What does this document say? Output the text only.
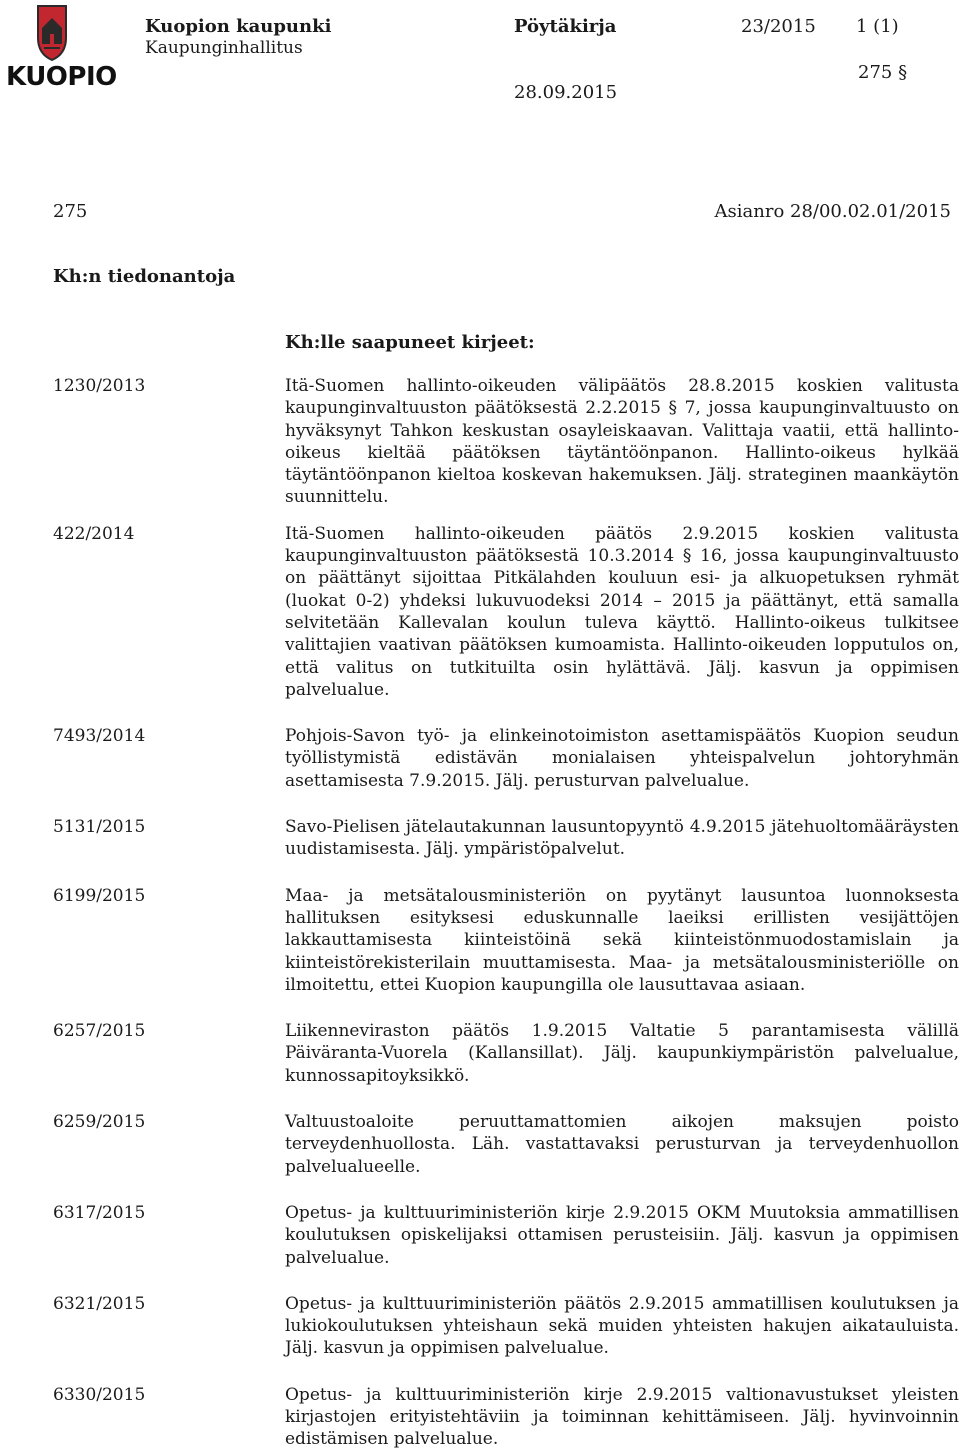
KUOPIO
Kuopion kaupunki
Kaupunginhallitus
Pöytäkirja	23/2015 1 (1)
275 §
28.09.2015
275	Asianro 28/00.02.01/2015
Kh:n tiedonantoja
Kh:lle saapuneet kirjeet:
1230/2013	Itä-Suomen hallinto-oikeuden välipäätös 28.8.2015 koskien valitusta kaupunginvaltuuston päätöksestä 2.2.2015 § 7, jossa kaupunginvaltuusto on hyväksynyt Tahkon keskustan osayleiskaavan. Valittaja vaatii, että hallinto-oikeus kieltää päätöksen täytäntöönpanon. Hallinto-oikeus hylkää täytäntöönpanon kieltoa koskevan hakemuksen. Jälj. strateginen maankäytön suunnittelu.
422/2014	Itä-Suomen hallinto-oikeuden päätös 2.9.2015 koskien valitusta kaupunginvaltuuston päätöksestä 10.3.2014 § 16, jossa kaupunginvaltuusto on päättänyt sijoittaa Pitkälahden kouluun esi- ja alkuopetuksen ryhmät (luokat 0-2) yhdeksi lukuvuodeksi 2014 – 2015 ja päättänyt, että samalla selvitetään Kallevalan koulun tuleva käyttö. Hallinto-oikeus tulkitsee valittajien vaativan päätöksen kumoamista. Hallinto-oikeuden lopputulos on, että valitus on tutkituilta osin hylättävä. Jälj. kasvun ja oppimisen palvelualue.
7493/2014	Pohjois-Savon työ- ja elinkeinotoimiston asettamispäätös Kuopion seudun työllistymistä edistävän monialaisen yhteispalvelun johtoryhmän asettamisesta 7.9.2015. Jälj. perusturvan palvelualue.
5131/2015	Savo-Pielisen jätelautakunnan lausuntopyyntö 4.9.2015 jätehuoltomääräysten uudistamisesta. Jälj. ympäristöpalvelut.
6199/2015	Maa- ja metsätalousministeriön on pyytänyt lausuntoa luonnoksesta hallituksen esityksesi eduskunnalle laeiksi erillisten vesijättöjen lakkauttamisesta kiinteistöinä sekä kiinteistönmuodostamislain ja kiinteistörekisterilain muuttamisesta. Maa- ja metsätalousministeriölle on ilmoitettu, ettei Kuopion kaupungilla ole lausuttavaa asiaan.
6257/2015	Liikenneviraston päätös 1.9.2015 Valtatie 5 parantamisesta välillä Päiväranta-Vuorela (Kallansillat). Jälj. kaupunkiympäristön palvelualue, kunnossapitoyksikkö.
6259/2015	Valtuustoaloite peruuttamattomien aikojen maksujen poisto terveydenhuollosta. Läh. vastattavaksi perusturvan ja terveydenhuollon palvelualueelle.
6317/2015	Opetus- ja kulttuuriministeriön kirje 2.9.2015 OKM Muutoksia ammatillisen koulutuksen opiskelijaksi ottamisen perusteisiin. Jälj. kasvun ja oppimisen palvelualue.
6321/2015	Opetus- ja kulttuuriministeriön päätös 2.9.2015 ammatillisen koulutuksen ja lukiokoulutuksen yhteishaun sekä muiden yhteisten hakujen aikatauluista. Jälj. kasvun ja oppimisen palvelualue.
6330/2015	Opetus- ja kulttuuriministeriön kirje 2.9.2015 valtionavustukset yleisten kirjastojen erityistehtäviin ja toiminnan kehittämiseen. Jälj. hyvinvoinnin edistämisen palvelualue.
